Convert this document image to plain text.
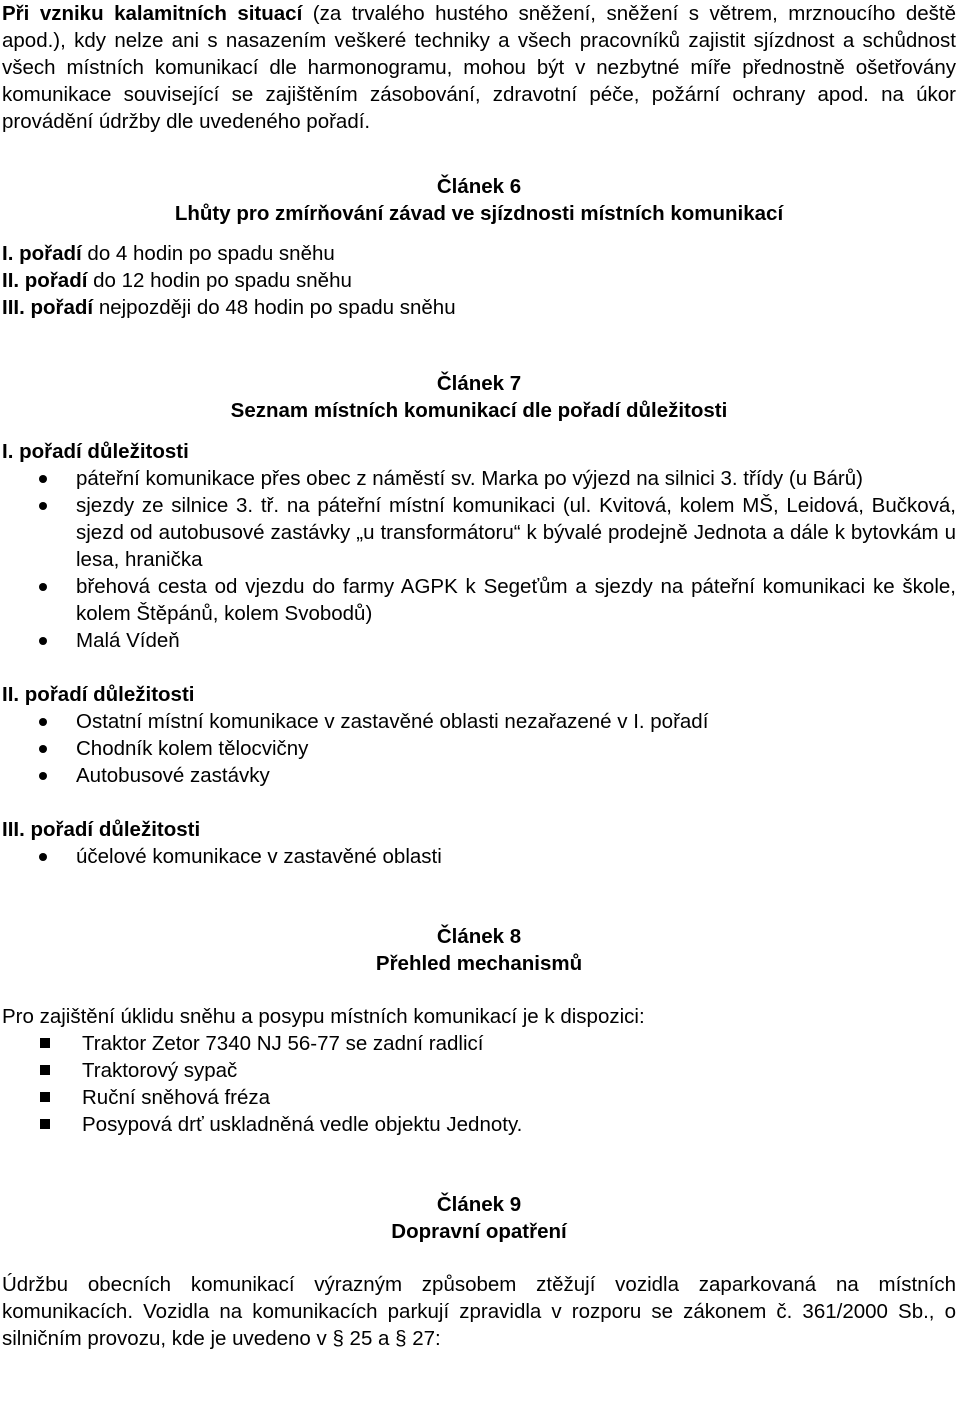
Při vzniku kalamitních situací (za trvalého hustého sněžení, sněžení s větrem, mrznoucího deště apod.), kdy nelze ani s nasazením veškeré techniky a všech pracovníků zajistit sjízdnost a schůdnost všech místních komunikací dle harmonogramu, mohou být v nezbytné míře přednostně ošetřovány komunikace související se zajištěním zásobování, zdravotní péče, požární ochrany apod. na úkor provádění údržby dle uvedeného pořadí.

Článek 6

Lhůty pro zmírňování závad ve sjízdnosti místních komunikací

I. pořadí do 4 hodin po spadu sněhu

II. pořadí do 12 hodin po spadu sněhu

III. pořadí nejpozději do 48 hodin po spadu sněhu

Článek 7

Seznam místních komunikací dle pořadí důležitosti

I. pořadí důležitosti

páteřní komunikace přes obec z náměstí sv. Marka po výjezd na silnici 3. třídy (u Bárů)
sjezdy ze silnice 3. tř. na páteřní místní komunikaci (ul. Kvitová, kolem MŠ, Leidová, Bučková, sjezd od autobusové zastávky „u transformátoru“ k bývalé prodejně Jednota a dále k bytovkám u lesa, hranička
břehová cesta od vjezdu do farmy AGPK k Segeťům a sjezdy na páteřní komunikaci ke škole, kolem Štěpánů, kolem Svobodů)
Malá Vídeň

II. pořadí důležitosti

Ostatní místní komunikace v zastavěné oblasti nezařazené v I. pořadí
Chodník kolem tělocvičny
Autobusové zastávky

III. pořadí důležitosti

účelové komunikace v zastavěné oblasti

Článek 8

Přehled mechanismů

Pro zajištění úklidu sněhu a posypu místních komunikací je k dispozici:

Traktor Zetor 7340 NJ 56-77 se zadní radlicí
Traktorový sypač
Ruční sněhová fréza
Posypová drť uskladněná vedle objektu Jednoty.

Článek 9

Dopravní opatření

Údržbu obecních komunikací výrazným způsobem ztěžují vozidla zaparkovaná na místních komunikacích. Vozidla na komunikacích parkují zpravidla v rozporu se zákonem č. 361/2000 Sb., o silničním provozu, kde je uvedeno v § 25 a § 27:
